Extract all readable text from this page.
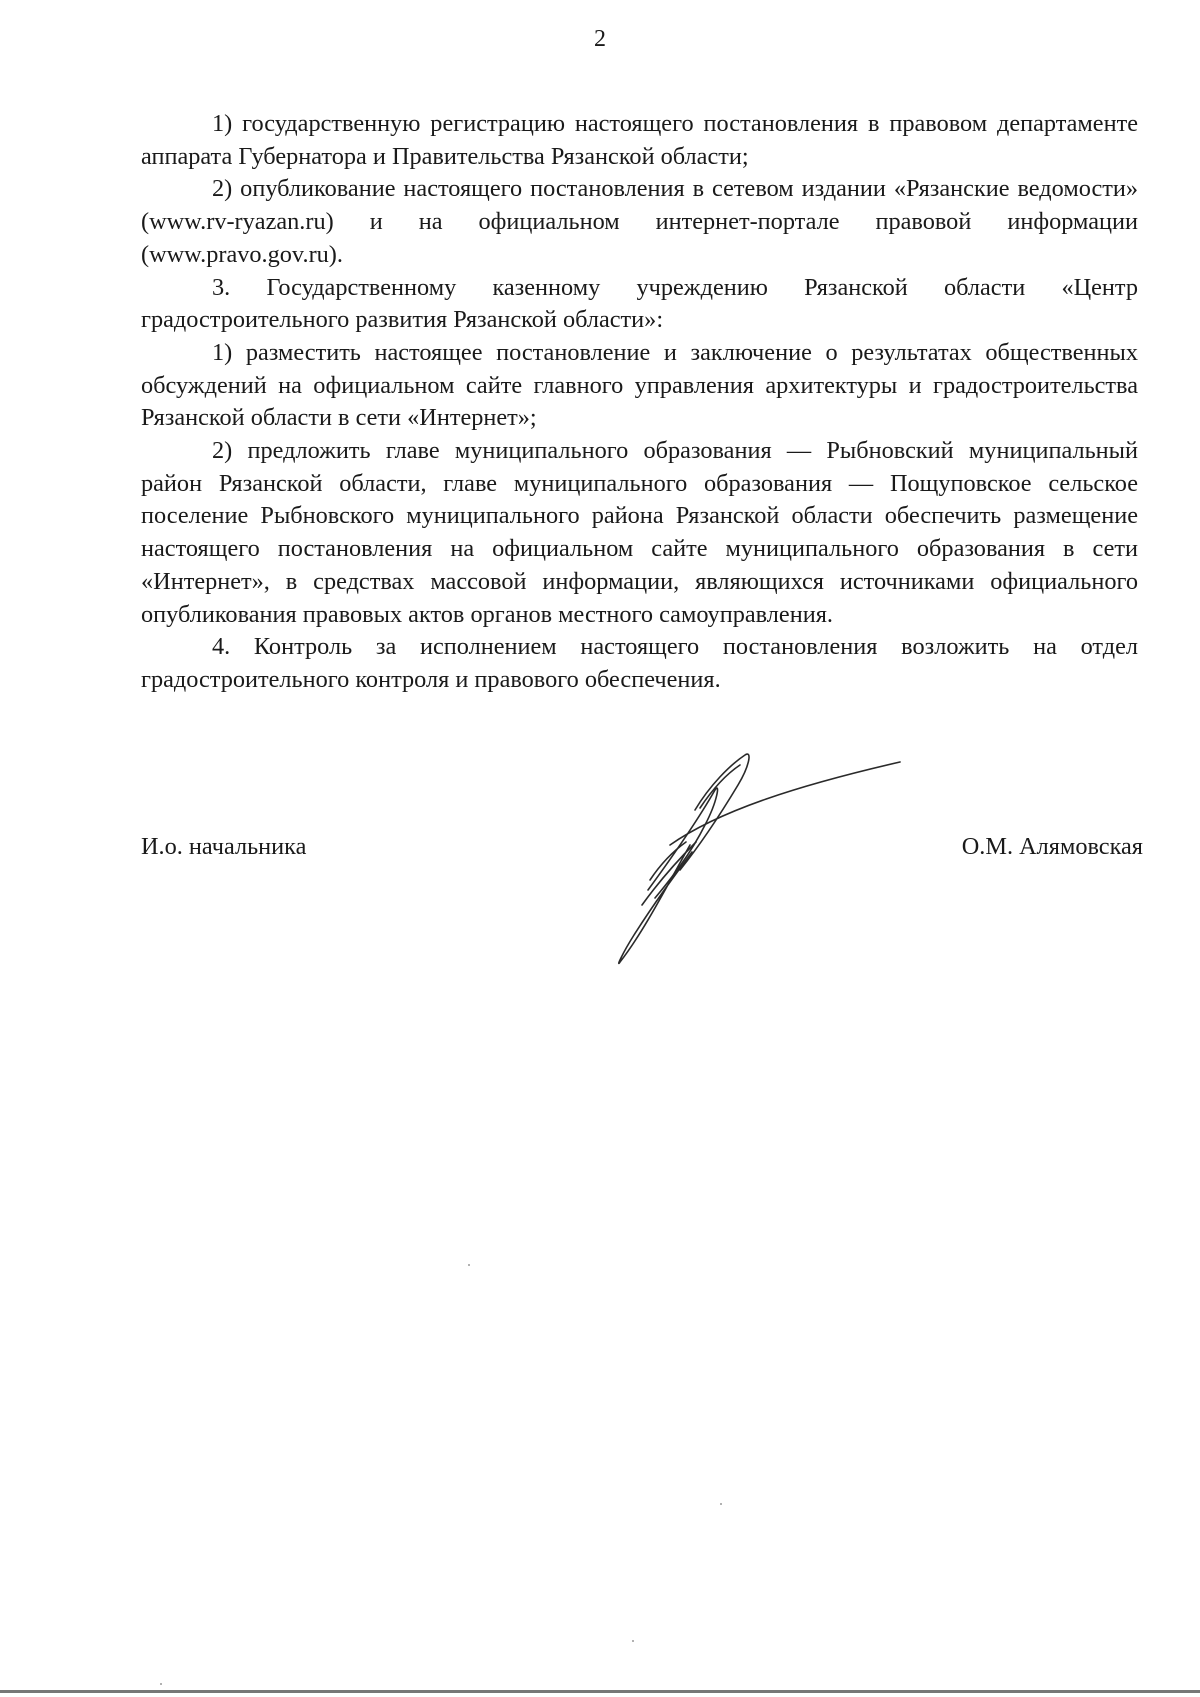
2

1) государственную регистрацию настоящего постановления в правовом департаменте аппарата Губернатора и Правительства Рязанской области;

2) опубликование настоящего постановления в сетевом издании «Рязанские ведомости» (www.rv-ryazan.ru) и на официальном интернет-портале правовой информации (www.pravo.gov.ru).

3. Государственному казенному учреждению Рязанской области «Центр градостроительного развития Рязанской области»:

1) разместить настоящее постановление и заключение о результатах общественных обсуждений на официальном сайте главного управления архитектуры и градостроительства Рязанской области в сети «Интернет»;

2) предложить главе муниципального образования — Рыбновский муниципальный район Рязанской области, главе муниципального образования — Пощуповское сельское поселение Рыбновского муниципального района Рязанской области обеспечить размещение настоящего постановления на официальном сайте муниципального образования в сети «Интернет», в средствах массовой информации, являющихся источниками официального опубликования правовых актов органов местного самоуправления.

4. Контроль за исполнением настоящего постановления возложить на отдел градостроительного контроля и правового обеспечения.

И.о. начальника	О.М. Алямовская
